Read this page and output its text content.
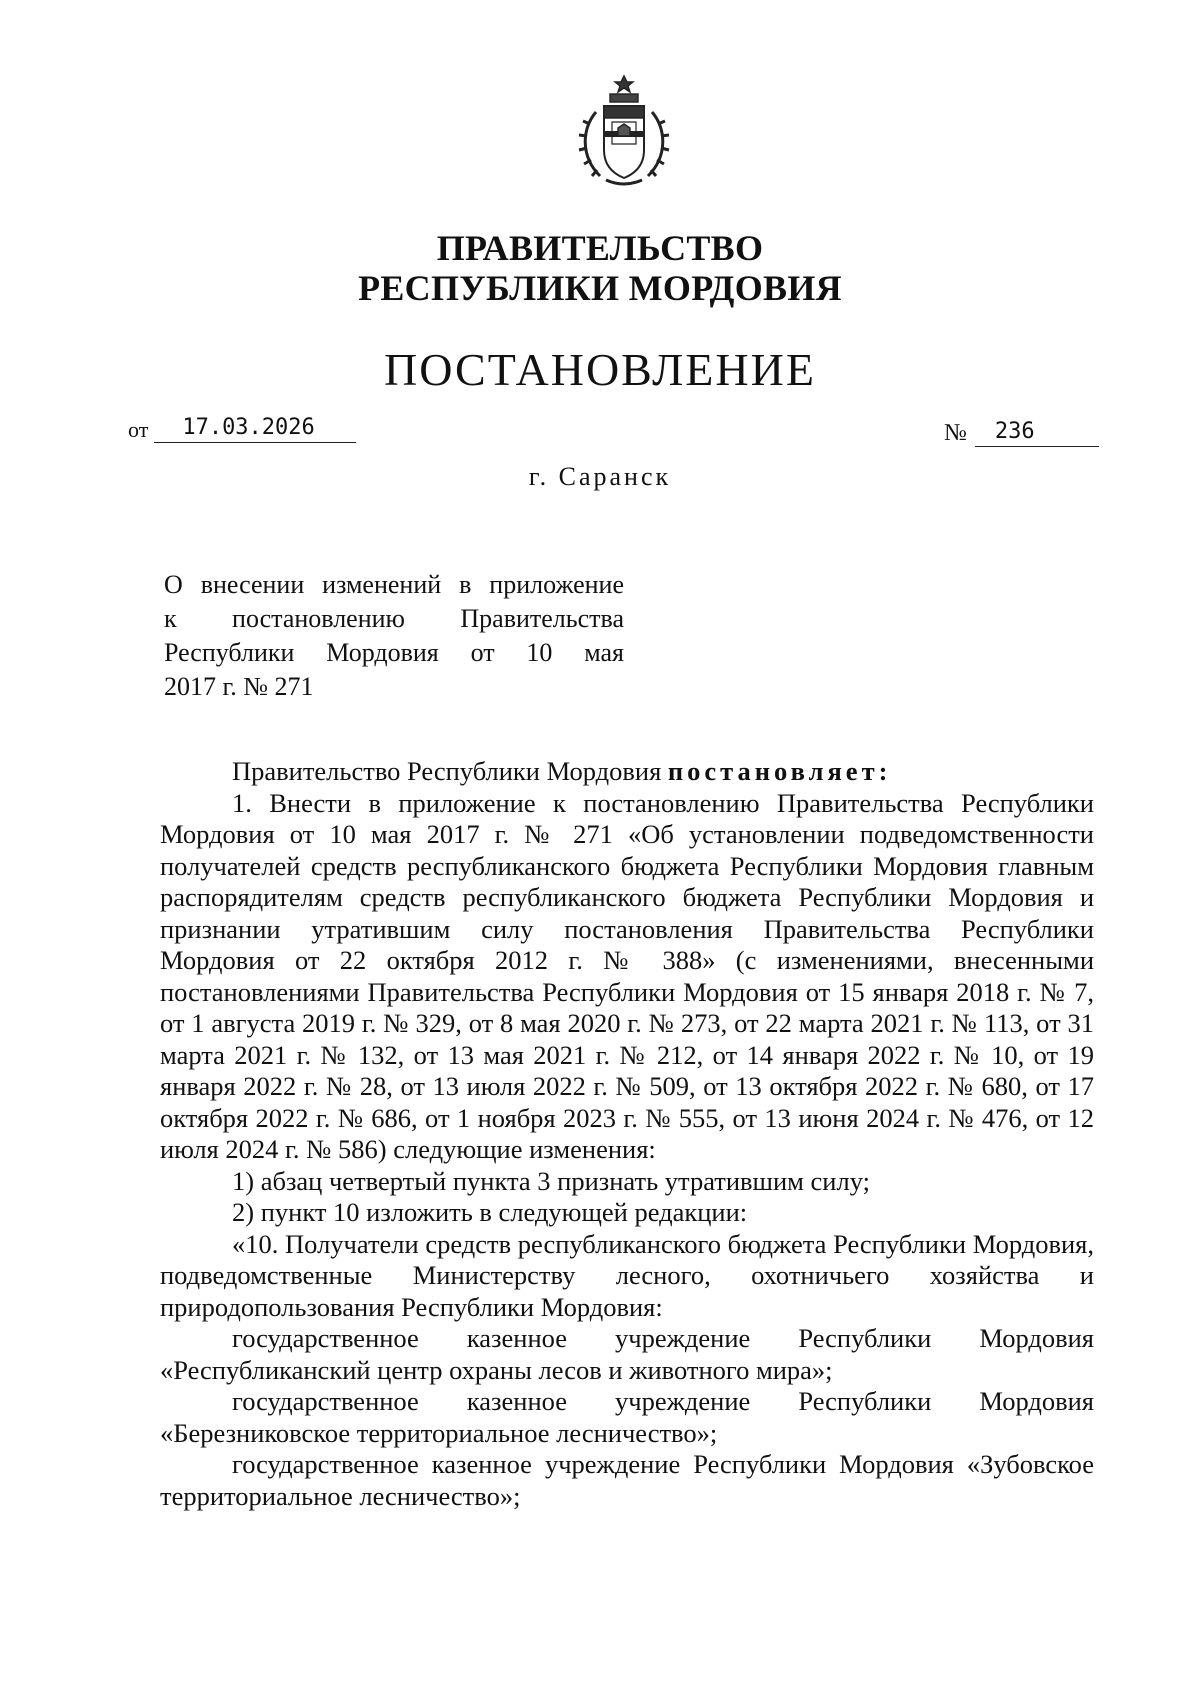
ПРАВИТЕЛЬСТВО
РЕСПУБЛИКИ МОРДОВИЯ
ПОСТАНОВЛЕНИЕ
от	17.03.2026	№	236
г. Саранск
О внесении изменений в приложение
к постановлению Правительства
Республики Мордовия от 10 мая
2017 г. № 271

Правительство Республики Мордовия постановляет:

1. Внести в приложение к постановлению Правительства Республики Мордовия от 10 мая 2017 г. № 271 «Об установлении подведомственности получателей средств республиканского бюджета Республики Мордовия главным распорядителям средств республиканского бюджета Республики Мордовия и признании утратившим силу постановления Правительства Республики Мордовия от 22 октября 2012 г. № 388» (с изменениями, внесенными постановлениями Правительства Республики Мордовия от 15 января 2018 г. № 7, от 1 августа 2019 г. № 329, от 8 мая 2020 г. № 273, от 22 марта 2021 г. № 113, от 31 марта 2021 г. № 132, от 13 мая 2021 г. № 212, от 14 января 2022 г. № 10, от 19 января 2022 г. № 28, от 13 июля 2022 г. № 509, от 13 октября 2022 г. № 680, от 17 октября 2022 г. № 686, от 1 ноября 2023 г. № 555, от 13 июня 2024 г. № 476, от 12 июля 2024 г. № 586) следующие изменения:

1) абзац четвертый пункта 3 признать утратившим силу;

2) пункт 10 изложить в следующей редакции:

«10. Получатели средств республиканского бюджета Республики Мордовия, подведомственные Министерству лесного, охотничьего хозяйства и природопользования Республики Мордовия:

государственное казенное учреждение Республики Мордовия «Республиканский центр охраны лесов и животного мира»;

государственное казенное учреждение Республики Мордовия «Березниковское территориальное лесничество»;

государственное казенное учреждение Республики Мордовия «Зубовское территориальное лесничество»;
